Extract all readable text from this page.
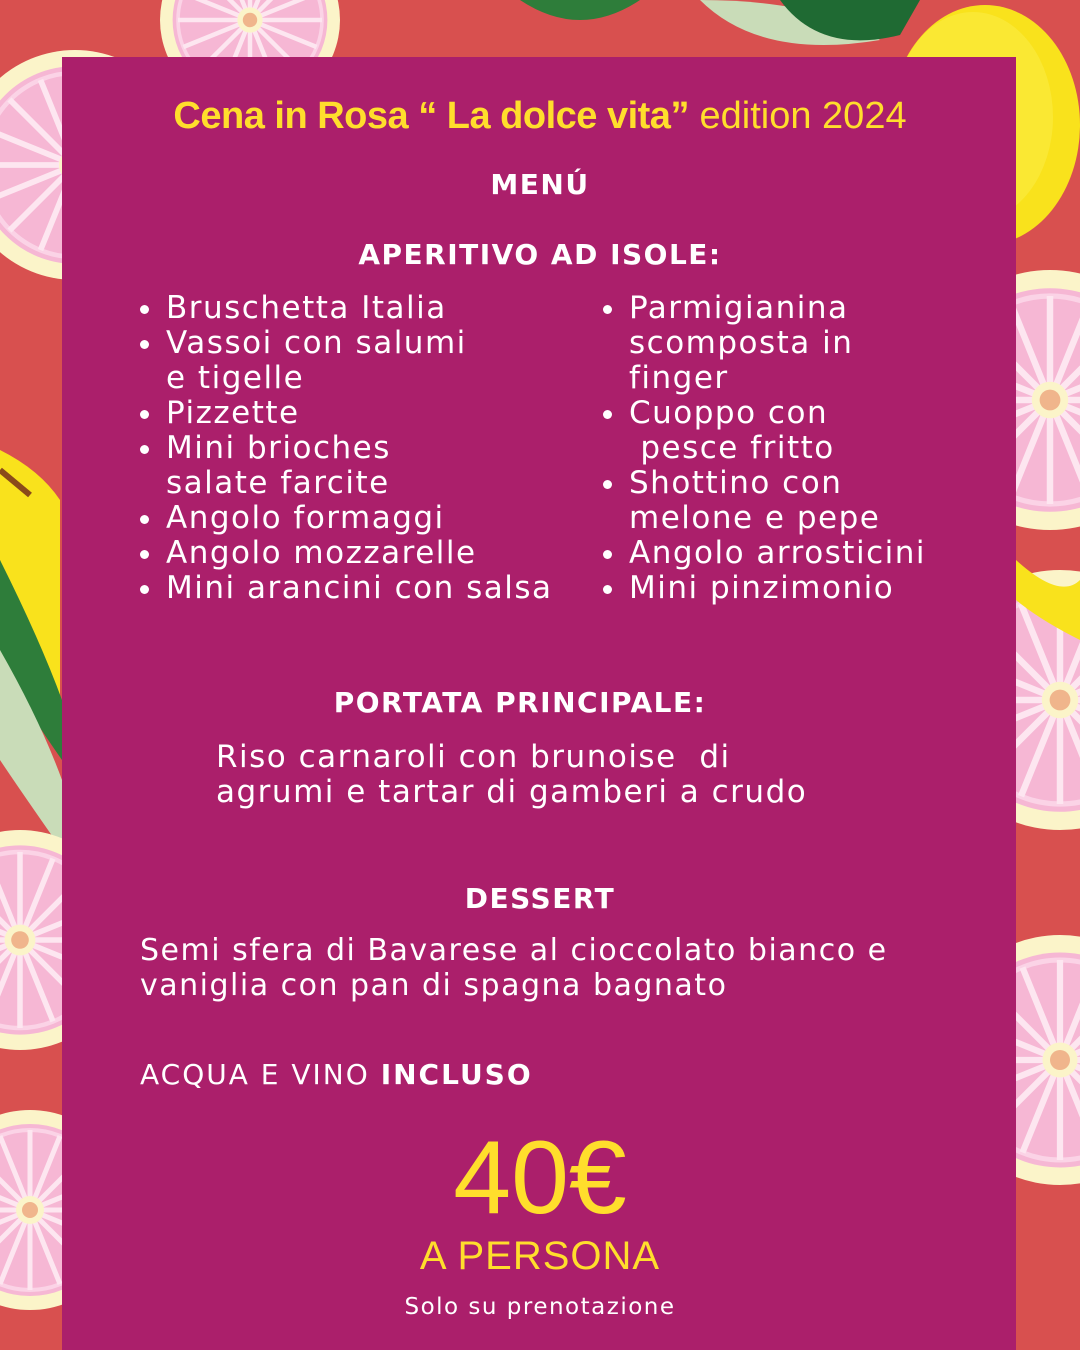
Cena in Rosa “ La dolce vita” edition 2024
MENÚ
APERITIVO AD ISOLE:
Bruschetta Italia
Vassoi con salumi
e tigelle
Pizzette
Mini brioches
salate farcite
Angolo formaggi
Angolo mozzarelle
Mini arancini con salsa
Parmigianina
scomposta in
finger
Cuoppo con
pesce fritto
Shottino con
melone e pepe
Angolo arrosticini
Mini pinzimonio
PORTATA PRINCIPALE:

Riso carnaroli con brunoise  di
agrumi e tartar di gamberi a crudo

DESSERT

Semi sfera di Bavarese al cioccolato bianco e
vaniglia con pan di spagna bagnato

ACQUA E VINO INCLUSO

40€

A PERSONA

Solo su prenotazione
